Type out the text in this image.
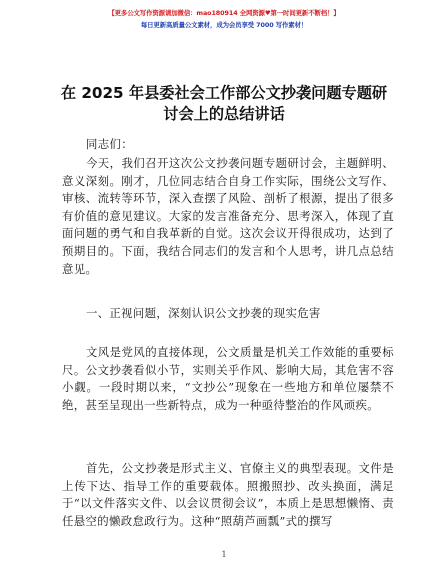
【更多公文写作资源请加微信：mao180914 全网资源♥第一时间更新不断档！】
每日更新高质量公文素材，成为会员享受 7000 写作素材！
在 2025 年县委社会工作部公文抄袭问题专题研
讨会上的总结讲话

同志们：

今天，我们召开这次公文抄袭问题专题研讨会，主题鲜明、意义深刻。刚才，几位同志结合自身工作实际，围绕公文写作、审核、流转等环节，深入查摆了风险、剖析了根源，提出了很多有价值的意见建议。大家的发言准备充分、思考深入，体现了直面问题的勇气和自我革新的自觉。这次会议开得很成功，达到了预期目的。下面，我结合同志们的发言和个人思考，讲几点总结意见。

一、正视问题，深刻认识公文抄袭的现实危害

文风是党风的直接体现，公文质量是机关工作效能的重要标尺。公文抄袭看似小节，实则关乎作风、影响大局，其危害不容小觑。一段时期以来，“文抄公”现象在一些地方和单位屡禁不绝，甚至呈现出一些新特点，成为一种亟待整治的作风顽疾。

首先，公文抄袭是形式主义、官僚主义的典型表现。文件是上传下达、指导工作的重要载体。照搬照抄、改头换面，满足于“以文件落实文件、以会议贯彻会议”，本质上是思想懒惰、责任悬空的懒政怠政行为。这种“照葫芦画瓢”式的撰写

1
